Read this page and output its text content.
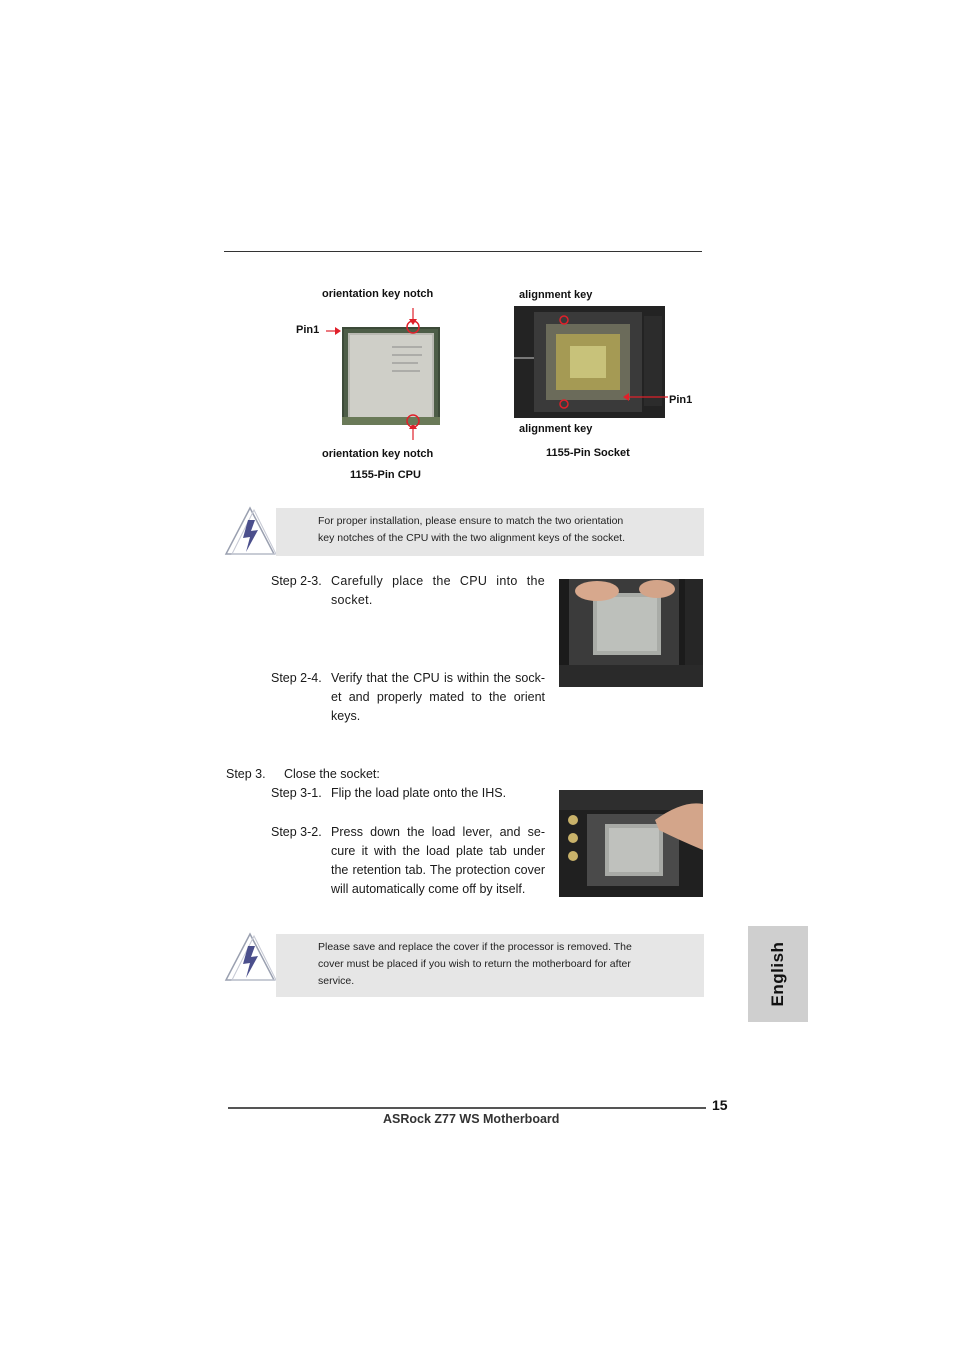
orientation key notch
Pin1
orientation key notch
1155-Pin CPU
alignment key
Pin1
alignment key
1155-Pin Socket
For proper installation, please ensure to match the two orientation
key notches of the CPU with the two alignment keys of the socket.
Step 2-3. Carefully place the CPU into the socket.
Step 2-4. Verify that the CPU is within the sock-et and properly mated to the orient keys.
Step 3. Close the socket:
Step 3-1. Flip the load plate onto the IHS.
Step 3-2. Press down the load lever, and se-cure it with the load plate tab under the retention tab. The protection cover will automatically come off by itself.
Please save and replace the cover if the processor is removed. The
cover must be placed if you wish to return the motherboard for after
service.	English
15
ASRock Z77 WS Motherboard
